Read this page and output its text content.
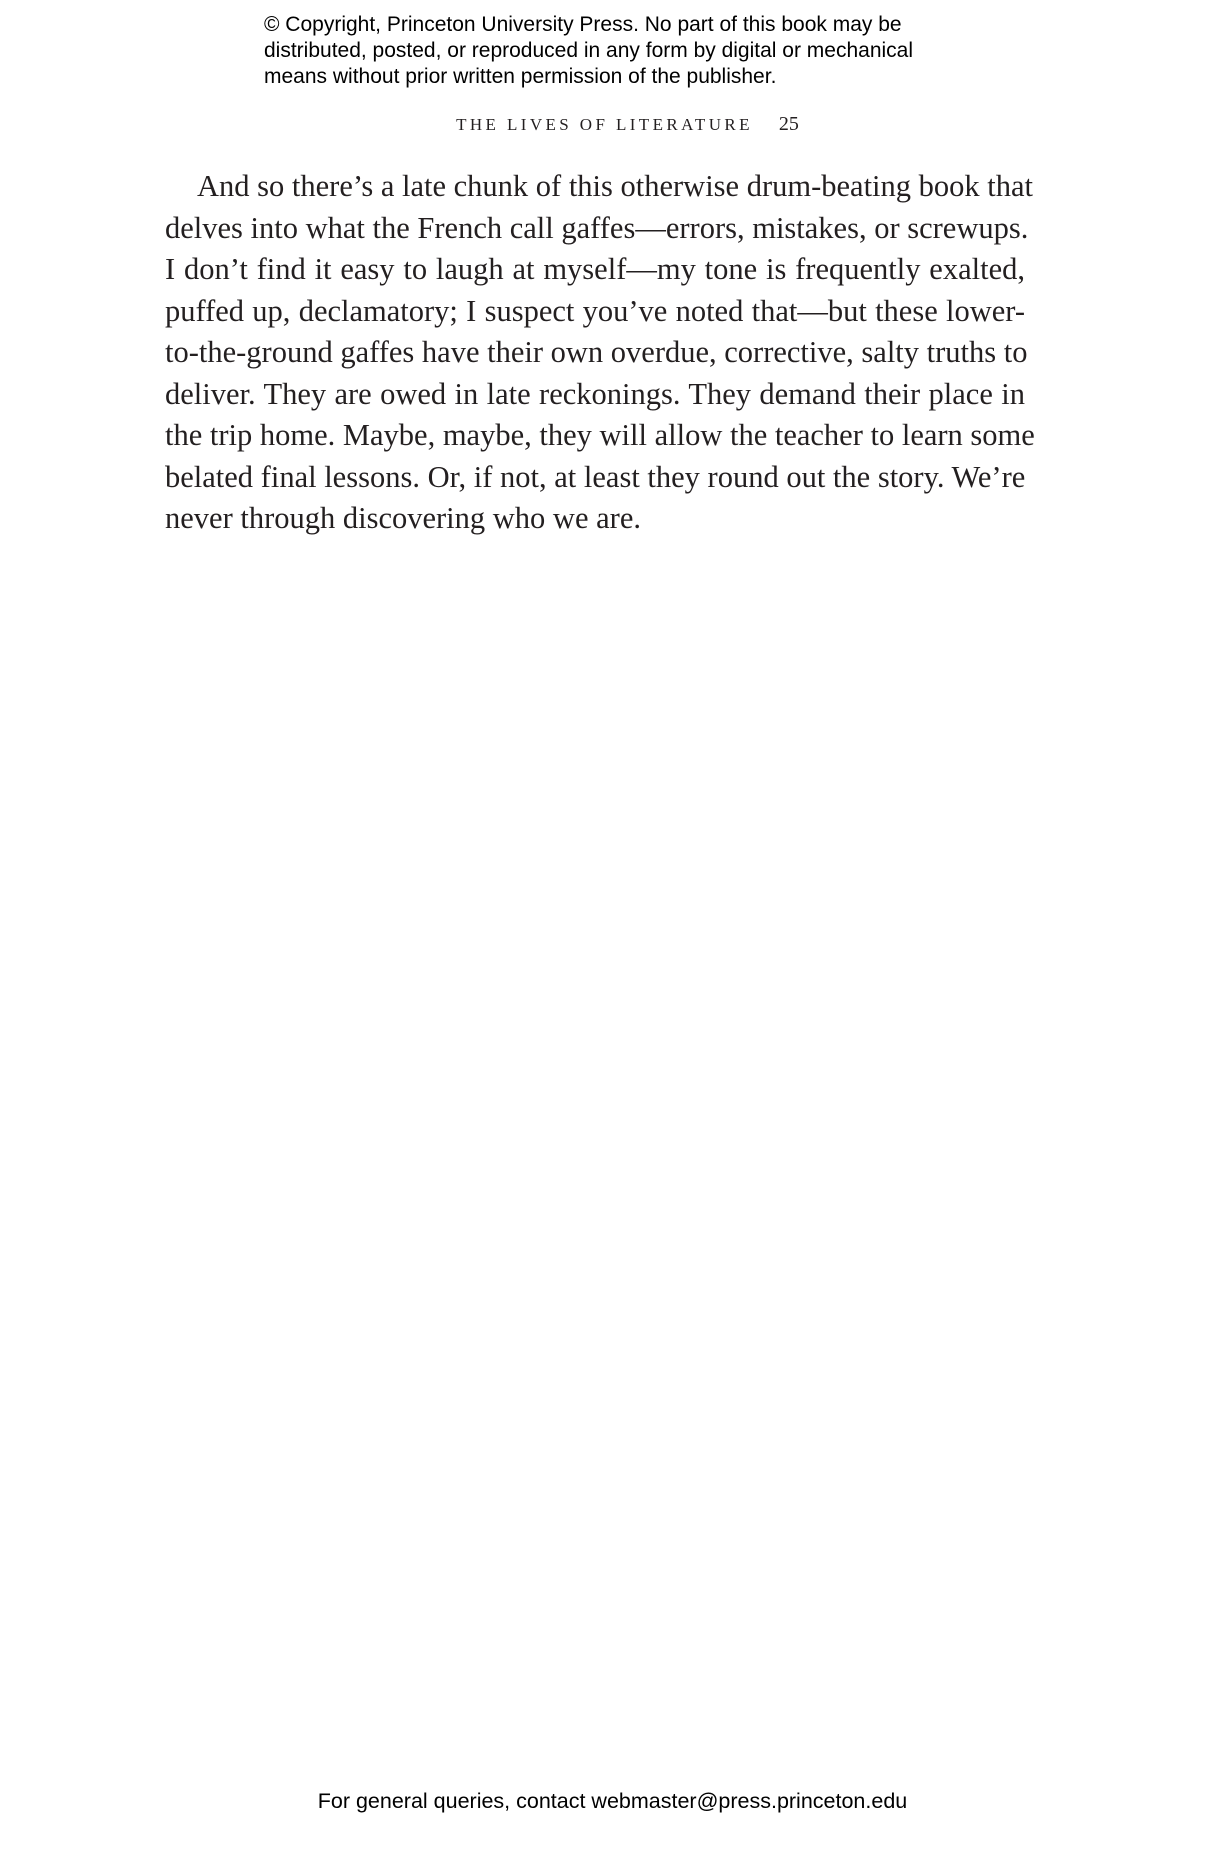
© Copyright, Princeton University Press. No part of this book may be
distributed, posted, or reproduced in any form by digital or mechanical
means without prior written permission of the publisher.
THE LIVES OF LITERATURE 25
And so there’s a late chunk of this otherwise drum-beating book that
delves into what the French call gaffes—errors, mistakes, or screwups.
I don’t find it easy to laugh at myself—my tone is frequently exalted,
puffed up, declamatory; I suspect you’ve noted that—but these lower-
to-the-ground gaffes have their own overdue, corrective, salty truths to
deliver. They are owed in late reckonings. They demand their place in
the trip home. Maybe, maybe, they will allow the teacher to learn some
belated final lessons. Or, if not, at least they round out the story. We’re
never through discovering who we are.
For general queries, contact webmaster@press.princeton.edu
